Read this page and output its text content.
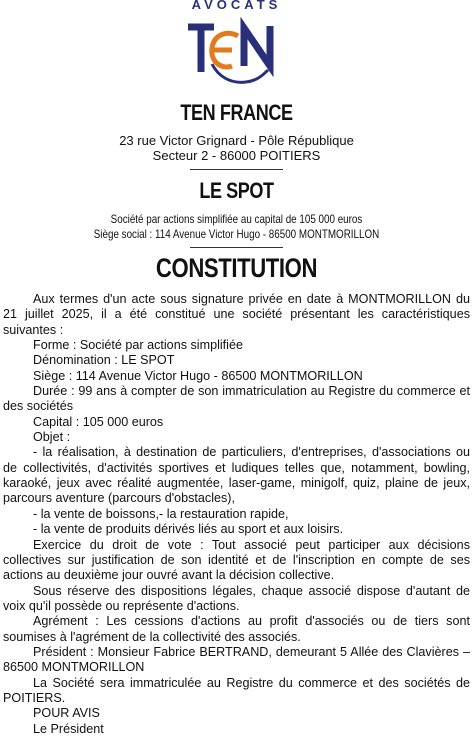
AVOCATS
TEN FRANCE
23 rue Victor Grignard - Pôle République
Secteur 2 - 86000 POITIERS
LE SPOT
Société par actions simplifiée au capital de 105 000 euros
Siège social : 114 Avenue Victor Hugo - 86500 MONTMORILLON
CONSTITUTION

Aux termes d'un acte sous signature privée en date à MONTMORILLON du 21 juillet 2025, il a été constitué une société présentant les caractéristiques suivantes :

Forme : Société par actions simplifiée

Dénomination : LE SPOT

Siège : 114 Avenue Victor Hugo - 86500 MONTMORILLON

Durée : 99 ans à compter de son immatriculation au Registre du commerce et des sociétés

Capital : 105 000 euros

Objet :

- la réalisation, à destination de particuliers, d'entreprises, d'associations ou de collectivités, d'activités sportives et ludiques telles que, notamment, bowling, karaoké, jeux avec réalité augmentée, laser-game, minigolf, quiz, plaine de jeux, parcours aventure (parcours d'obstacles),

- la vente de boissons,- la restauration rapide,

- la vente de produits dérivés liés au sport et aux loisirs.

Exercice du droit de vote : Tout associé peut participer aux décisions collectives sur justification de son identité et de l'inscription en compte de ses actions au deuxième jour ouvré avant la décision collective.

Sous réserve des dispositions légales, chaque associé dispose d'autant de voix qu'il possède ou représente d'actions.

Agrément : Les cessions d'actions au profit d'associés ou de tiers sont soumises à l'agrément de la collectivité des associés.

Président : Monsieur Fabrice BERTRAND, demeurant 5 Allée des Clavières – 86500 MONTMORILLON

La Société sera immatriculée au Registre du commerce et des sociétés de POITIERS.

POUR AVIS

Le Président
